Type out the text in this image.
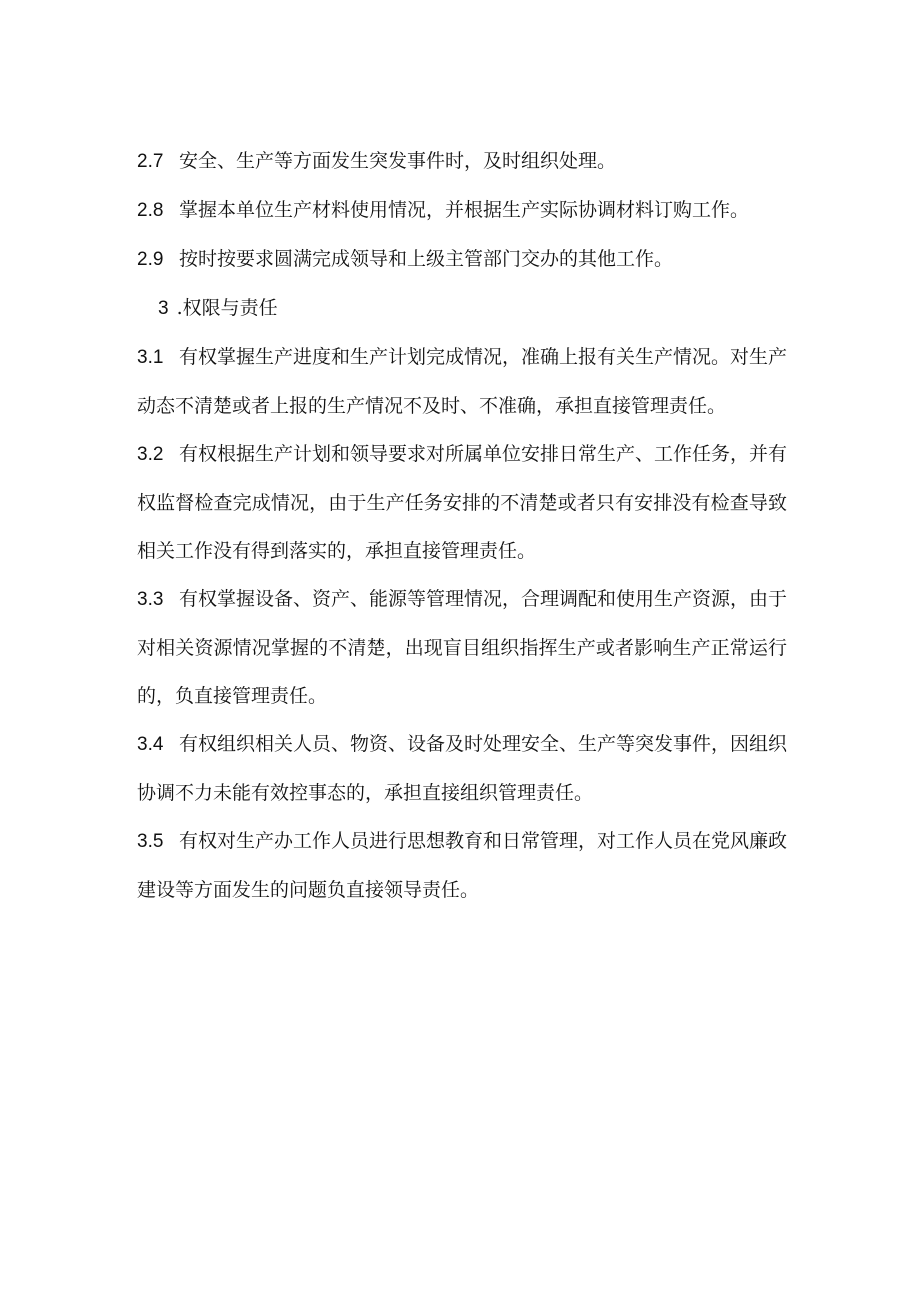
2.7 安全、生产等方面发生突发事件时，及时组织处理。

2.8 掌握本单位生产材料使用情况，并根据生产实际协调材料订购工作。

2.9 按时按要求圆满完成领导和上级主管部门交办的其他工作。

3 .权限与责任

3.1 有权掌握生产进度和生产计划完成情况，准确上报有关生产情况。对生产动态不清楚或者上报的生产情况不及时、不准确，承担直接管理责任。

3.2 有权根据生产计划和领导要求对所属单位安排日常生产、工作任务，并有权监督检查完成情况，由于生产任务安排的不清楚或者只有安排没有检查导致相关工作没有得到落实的，承担直接管理责任。

3.3 有权掌握设备、资产、能源等管理情况，合理调配和使用生产资源，由于对相关资源情况掌握的不清楚，出现盲目组织指挥生产或者影响生产正常运行的，负直接管理责任。

3.4 有权组织相关人员、物资、设备及时处理安全、生产等突发事件，因组织协调不力未能有效控事态的，承担直接组织管理责任。

3.5 有权对生产办工作人员进行思想教育和日常管理，对工作人员在党风廉政建设等方面发生的问题负直接领导责任。
